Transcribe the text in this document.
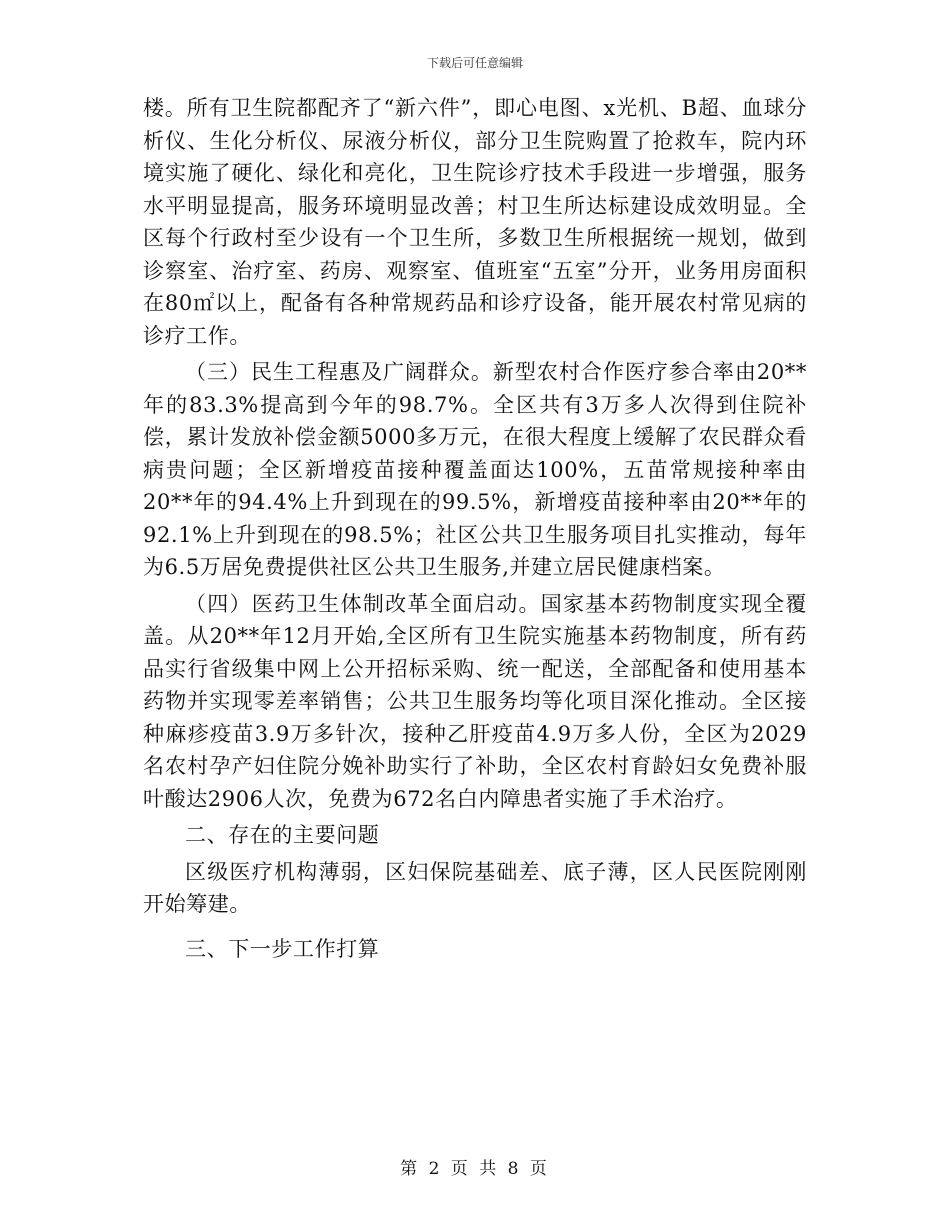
下载后可任意编辑

楼。所有卫生院都配齐了“新六件”，即心电图、x光机、B超、血球分析仪、生化分析仪、尿液分析仪，部分卫生院购置了抢救车，院内环境实施了硬化、绿化和亮化，卫生院诊疗技术手段进一步增强，服务水平明显提高，服务环境明显改善；村卫生所达标建设成效明显。全区每个行政村至少设有一个卫生所，多数卫生所根据统一规划，做到诊察室、治疗室、药房、观察室、值班室“五室”分开，业务用房面积在80㎡以上，配备有各种常规药品和诊疗设备，能开展农村常见病的诊疗工作。

（三）民生工程惠及广阔群众。新型农村合作医疗参合率由20**年的83.3%提高到今年的98.7%。全区共有3万多人次得到住院补偿，累计发放补偿金额5000多万元，在很大程度上缓解了农民群众看病贵问题；全区新增疫苗接种覆盖面达100%，五苗常规接种率由20**年的94.4%上升到现在的99.5%，新增疫苗接种率由20**年的92.1%上升到现在的98.5%；社区公共卫生服务项目扎实推动，每年为6.5万居免费提供社区公共卫生服务,并建立居民健康档案。

（四）医药卫生体制改革全面启动。国家基本药物制度实现全覆盖。从20**年12月开始,全区所有卫生院实施基本药物制度，所有药品实行省级集中网上公开招标采购、统一配送，全部配备和使用基本药物并实现零差率销售；公共卫生服务均等化项目深化推动。全区接种麻疹疫苗3.9万多针次，接种乙肝疫苗4.9万多人份，全区为2029名农村孕产妇住院分娩补助实行了补助，全区农村育龄妇女免费补服叶酸达2906人次，免费为672名白内障患者实施了手术治疗。

二、存在的主要问题

区级医疗机构薄弱，区妇保院基础差、底子薄，区人民医院刚刚开始筹建。

三、下一步工作打算

第 2 页 共 8 页
